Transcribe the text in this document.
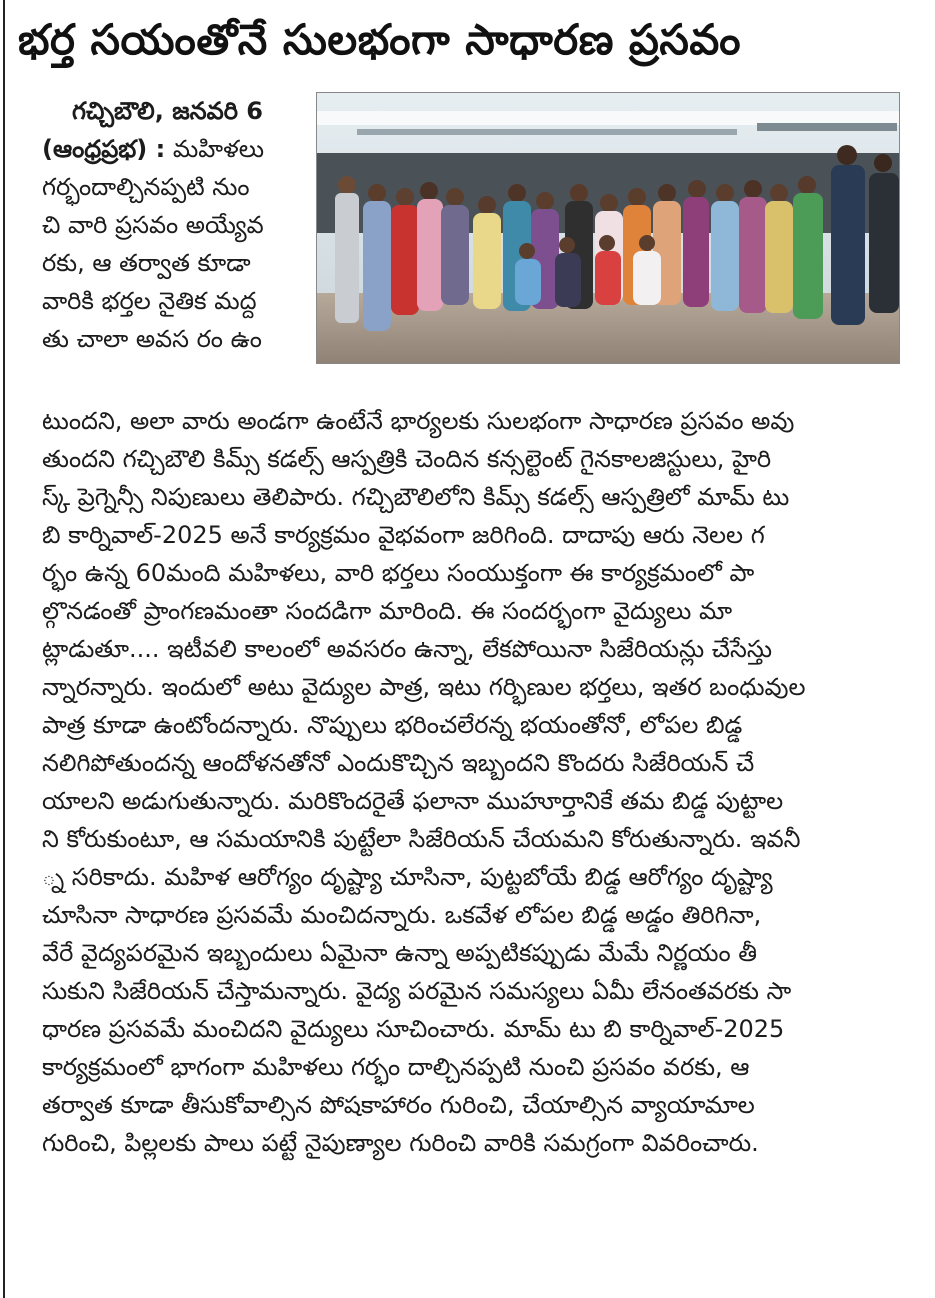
భర్త సయంతోనే సులభంగా సాధారణ ప్రసవం
గచ్చిబౌలి, జనవరి 6
(ఆంధ్రప్రభ) : మహిళలు
గర్భందాల్చినప్పటి నుం
చి వారి ప్రసవం అయ్యేవ
రకు, ఆ తర్వాత కూడా
వారికి భర్తల నైతిక మద్ద
తు చాలా అవస రం ఉం
టుందని, అలా వారు అండగా ఉంటేనే భార్యలకు సులభంగా సాధారణ ప్రసవం అవు
తుందని గచ్చిబౌలి కిమ్స్ కడల్స్ ఆస్పత్రికి చెందిన కన్సల్టెంట్ గైనకాలజిస్టులు, హైరి
స్క్ ప్రెగ్నెన్సీ నిపుణులు తెలిపారు. గచ్చిబౌలిలోని కిమ్స్ కడల్స్ ఆస్పత్రిలో మామ్ టు
బి కార్నివాల్-2025 అనే కార్యక్రమం వైభవంగా జరిగింది. దాదాపు ఆరు నెలల గ
ర్భం ఉన్న 60మంది మహిళలు, వారి భర్తలు సంయుక్తంగా ఈ కార్యక్రమంలో పా
ల్గొనడంతో ప్రాంగణమంతా సందడిగా మారింది. ఈ సందర్భంగా వైద్యులు మా
ట్లాడుతూ.... ఇటీవలి కాలంలో అవసరం ఉన్నా, లేకపోయినా సిజేరియన్లు చేసేస్తు
న్నారన్నారు. ఇందులో అటు వైద్యుల పాత్ర, ఇటు గర్భిణుల భర్తలు, ఇతర బంధువుల
పాత్ర కూడా ఉంటోందన్నారు. నొప్పులు భరించలేరన్న భయంతోనో, లోపల బిడ్డ
నలిగిపోతుందన్న ఆందోళనతోనో ఎందుకొచ్చిన ఇబ్బందని కొందరు సిజేరియన్ చే
యాలని అడుగుతున్నారు. మరికొందరైతే ఫలానా ముహూర్తానికే తమ బిడ్డ పుట్టాల
ని కోరుకుంటూ, ఆ సమయానికి పుట్టేలా సిజేరియన్ చేయమని కోరుతున్నారు. ఇవనీ
్న సరికాదు. మహిళ ఆరోగ్యం దృష్ట్యా చూసినా, పుట్టబోయే బిడ్డ ఆరోగ్యం దృష్ట్యా
చూసినా సాధారణ ప్రసవమే మంచిదన్నారు. ఒకవేళ లోపల బిడ్డ అడ్డం తిరిగినా,
వేరే వైద్యపరమైన ఇబ్బందులు ఏమైనా ఉన్నా అప్పటికప్పుడు మేమే నిర్ణయం తీ
సుకుని సిజేరియన్ చేస్తామన్నారు. వైద్య పరమైన సమస్యలు ఏమీ లేనంతవరకు సా
ధారణ ప్రసవమే మంచిదని వైద్యులు సూచించారు. మామ్ టు బి కార్నివాల్-2025
కార్యక్రమంలో భాగంగా మహిళలు గర్భం దాల్చినప్పటి నుంచి ప్రసవం వరకు, ఆ
తర్వాత కూడా తీసుకోవాల్సిన పోషకాహారం గురించి, చేయాల్సిన వ్యాయామాల
గురించి, పిల్లలకు పాలు పట్టే నైపుణ్యాల గురించి వారికి సమగ్రంగా వివరించారు.
